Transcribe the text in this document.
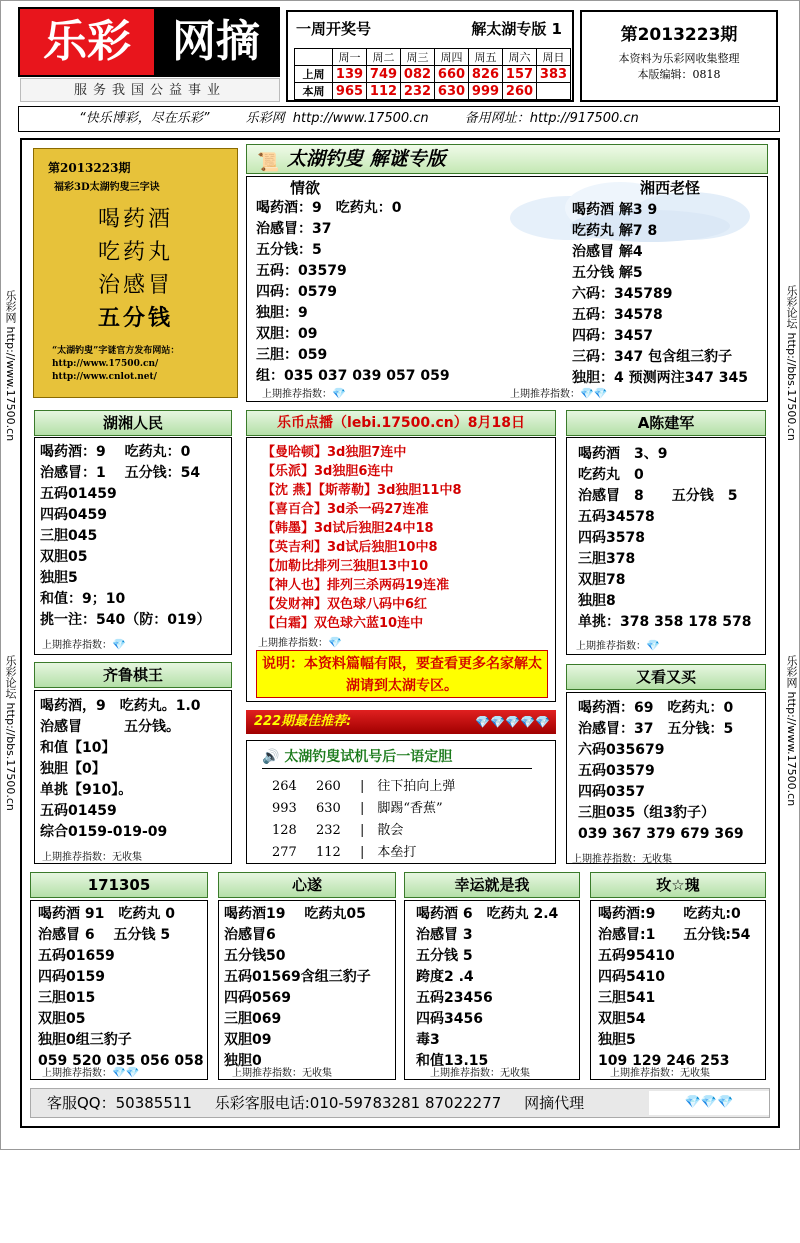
乐彩 网摘
服务我国公益事业
一周开奖号	解太湖专版 1
	周一	周二	周三	周四	周五	周六	周日
上周	139	749	082	660	826	157	383
本周	965	112	232	630	999	260	
第2013223期
本资料为乐彩网收集整理
本版编辑：0818
“快乐博彩，尽在乐彩”	乐彩网 http://www.17500.cn	备用网址：http://917500.cn
乐彩网 http://www.17500.cn
乐彩论坛 http://bbs.17500.cn
乐彩论坛 http://bbs.17500.cn
乐彩网 http://www.17500.cn
第2013223期
福彩3D太湖钓叟三字诀
喝药酒
吃药丸
治感冒
五分钱
“太湖钓叟”字谜官方发布网站：
http://www.17500.cn/
http://www.cnlot.net/
📜 太湖钓叟 解谜专版
情欲
喝药酒：9　吃药丸：0
治感冒：37
五分钱：5
五码：03579
四码：0579
独胆：9
双胆：09
三胆：059
组：035 037 039 057 059
上期推荐指数：💎
湘西老怪
喝药酒 解3 9
吃药丸 解7 8
治感冒 解4
五分钱 解5
六码：345789
五码：34578
四码：3457
三码：347 包含组三豹子
独胆：4 预测两注347 345
上期推荐指数：💎💎
湖湘人民
喝药酒：9　 吃药丸：0
治感冒：1　 五分钱：54
五码01459
四码0459
三胆045
双胆05
独胆5
和值：9；10
挑一注：540（防：019）
上期推荐指数：💎
乐币点播（lebi.17500.cn）8月18日
【曼哈顿】3d独胆7连中
【乐派】3d独胆6连中
【沈 燕】【斯蒂勒】3d独胆11中8
【喜百合】3d杀一码27连准
【韩墨】3d试后独胆24中18
【英吉利】3d试后独胆10中8
【加勒比排列三独胆13中10
【神人也】排列三杀两码19连准
【发财神】双色球八码中6红
【白霜】双色球六蓝10连中
上期推荐指数：💎
说明：本资料篇幅有限，要查看更多名家解太湖请到太湖专区。
A陈建军
喝药酒　3、9
吃药丸　0
治感冒　8　　五分钱　5
五码34578
四码3578
三胆378
双胆78
独胆8
单挑：378 358 178 578
上期推荐指数：💎
齐鲁棋王
喝药酒，9　吃药丸。1.0
治感冒　　　五分钱。
和值【10】
独胆【0】
单挑【910】。
五码01459
综合0159-019-09
上期推荐指数：无收集
222期最佳推荐:	💎💎💎💎💎
🔊 太湖钓叟试机号后一语定胆
264 260 |　往下拍向上弹
993 630 |　脚踢“香蕉”
128 232 |　散会
277 112 |　本垒打
又看又买
喝药酒：69　吃药丸：0
治感冒：37　五分钱：5
六码035679
五码03579
四码0357
三胆035（组3豹子）
039 367 379 679 369
上期推荐指数：无收集
171305
喝药酒 91　吃药丸 0
治感冒 6　 五分钱 5
五码01659
四码0159
三胆015
双胆05
独胆0组三豹子
059 520 035 056 058
上期推荐指数：💎💎
心遂
喝药酒19　 吃药丸05
治感冒6
五分钱50
五码01569含组三豹子
四码0569
三胆069
双胆09
独胆0
上期推荐指数：无收集
幸运就是我
喝药酒 6　吃药丸 2.4
治感冒 3
五分钱 5
跨度2 .4
五码23456
四码3456
毒3
和值13.15
上期推荐指数：无收集
玫☆瑰
喝药酒:9　　吃药丸:0
治感冒:1　　五分钱:54
五码95410
四码5410
三胆541
双胆54
独胆5
109 129 246 253
上期推荐指数：无收集
客服QQ：50385511 乐彩客服电话:010-59783281 87022277 网摘代理	💎💎💎
